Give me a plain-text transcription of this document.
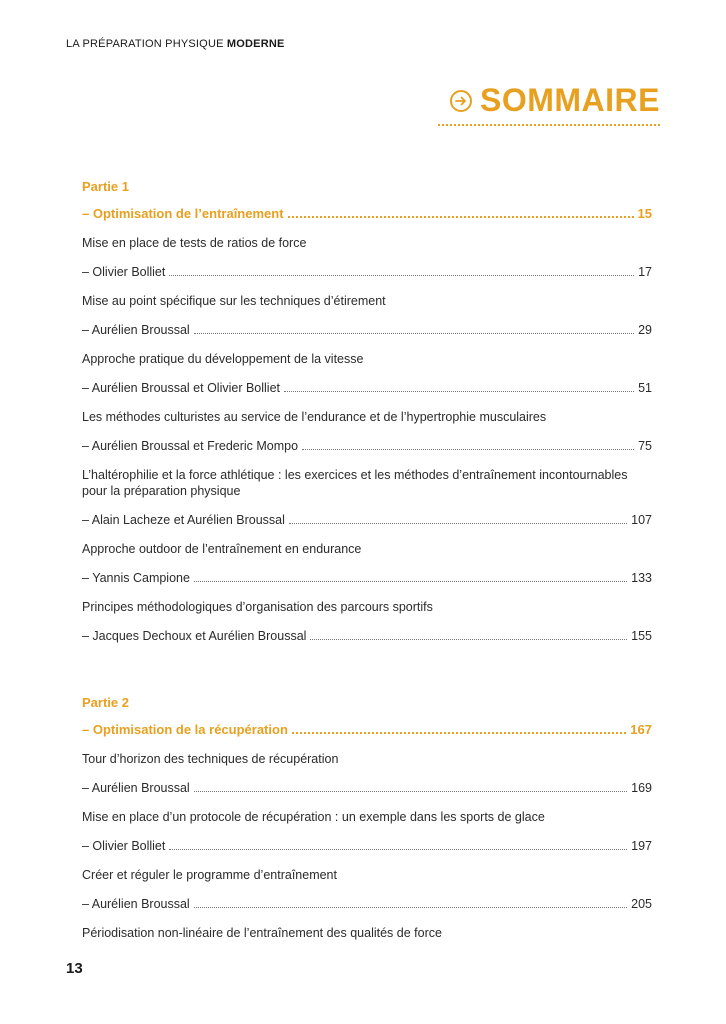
LA PRÉPARATION PHYSIQUE MODERNE
SOMMAIRE
Partie 1
– Optimisation de l’entraînement	15
Mise en place de tests de ratios de force
– Olivier Bolliet	17
Mise au point spécifique sur les techniques d’étirement
– Aurélien Broussal	29
Approche pratique du développement de la vitesse
– Aurélien Broussal et Olivier Bolliet	51
Les méthodes culturistes au service de l’endurance et de l’hypertrophie musculaires
– Aurélien Broussal et Frederic Mompo	75
L’haltérophilie et la force athlétique : les exercices et les méthodes d’entraînement incontournables pour la préparation physique
– Alain Lacheze et Aurélien Broussal	107
Approche outdoor de l’entraînement en endurance
– Yannis Campione	133
Principes méthodologiques d’organisation des parcours sportifs
– Jacques Dechoux et Aurélien Broussal	155
Partie 2
– Optimisation de la récupération	167
Tour d’horizon des techniques de récupération
– Aurélien Broussal	169
Mise en place d’un protocole de récupération : un exemple dans les sports de glace
– Olivier Bolliet	197
Créer et réguler le programme d’entraînement
– Aurélien Broussal	205
Périodisation non-linéaire de l’entraînement des qualités de force
13
